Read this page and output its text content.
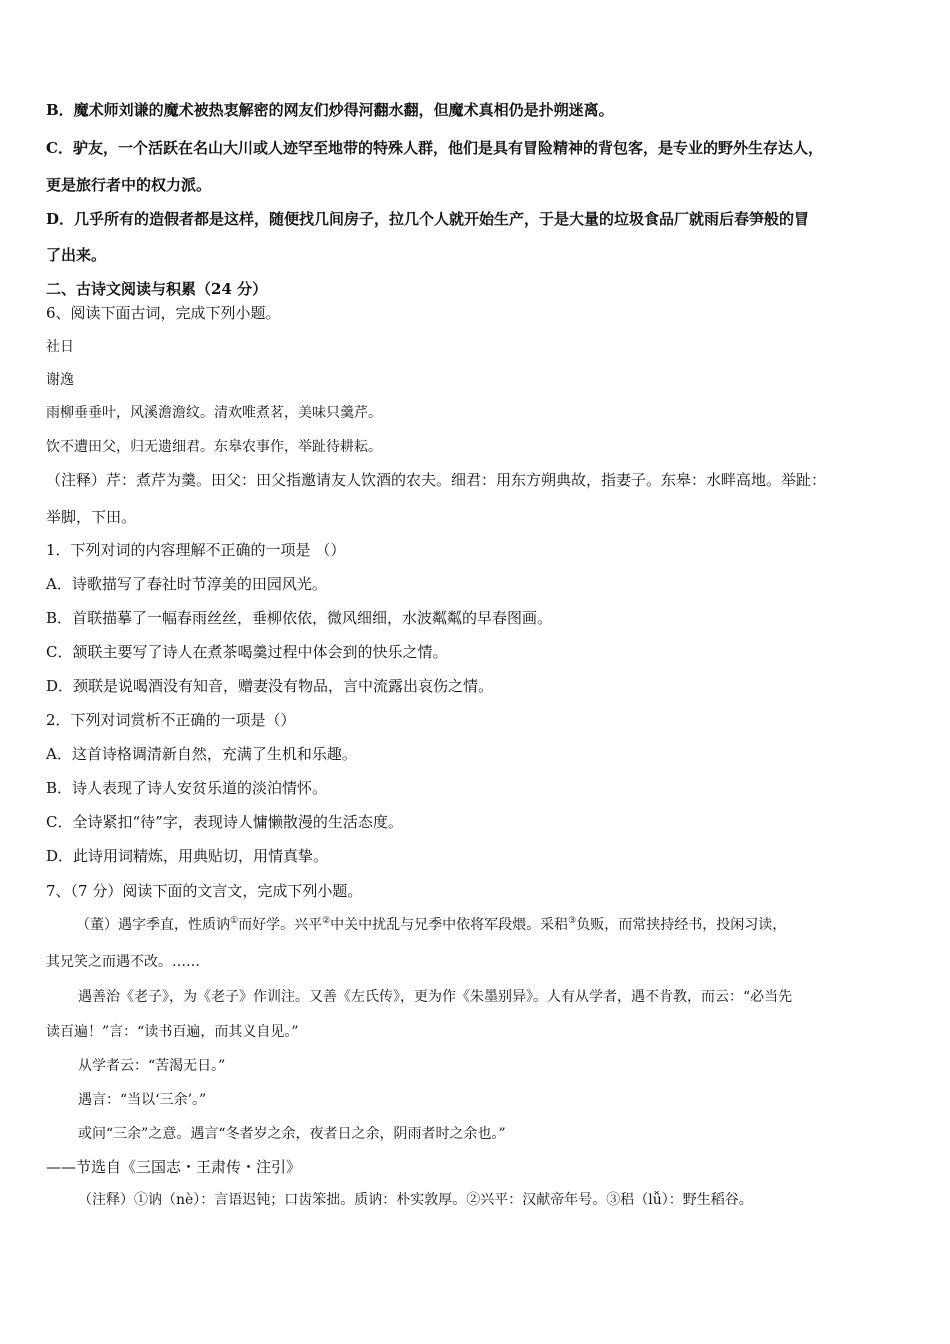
B．魔术师刘谦的魔术被热衷解密的网友们炒得河翻水翻，但魔术真相仍是扑朔迷离。
C．驴友，一个活跃在名山大川或人迹罕至地带的特殊人群，他们是具有冒险精神的背包客，是专业的野外生存达人，
更是旅行者中的权力派。
D．几乎所有的造假者都是这样，随便找几间房子，拉几个人就开始生产，于是大量的垃圾食品厂就雨后春笋般的冒
了出来。
二、古诗文阅读与积累（24 分）
6、阅读下面古词，完成下列小题。
社日
谢逸
雨柳垂垂叶，风溪澹澹纹。清欢唯煮茗，美味只羹芹。
饮不遭田父，归无遗细君。东皋农事作，举趾待耕耘。
（注释）芹：煮芹为羹。田父：田父指邀请友人饮酒的农夫。细君：用东方朔典故，指妻子。东皋：水畔高地。举趾：
举脚，下田。
1．下列对词的内容理解不正确的一项是 （）
A．诗歌描写了春社时节淳美的田园风光。
B．首联描摹了一幅春雨丝丝，垂柳依依，微风细细，水波粼粼的早春图画。
C．颔联主要写了诗人在煮茶喝羹过程中体会到的快乐之情。
D．颈联是说喝酒没有知音，赠妻没有物品，言中流露出哀伤之情。
2．下列对词赏析不正确的一项是（）
A．这首诗格调清新自然，充满了生机和乐趣。
B．诗人表现了诗人安贫乐道的淡泊情怀。
C．全诗紧扣“待”字，表现诗人慵懒散漫的生活态度。
D．此诗用词精炼，用典贴切，用情真挚。
7、（7 分）阅读下面的文言文，完成下列小题。
（董）遇字季直，性质讷①而好学。兴平②中关中扰乱与兄季中依将军段煨。采稆③负贩，而常挟持经书，投闲习读，
其兄笑之而遇不改。……
遇善治《老子》，为《老子》作训注。又善《左氏传》，更为作《朱墨别异》。人有从学者，遇不肯教，而云：“必当先
读百遍！”言：“读书百遍，而其义自见。”
从学者云：“苦渴无日。”
遇言：“当以‘三余’。”
或问“三余”之意。遇言“冬者岁之余，夜者日之余，阴雨者时之余也。”
——节选自《三国志・王肃传・注引》
（注释）①讷（nè）：言语迟钝；口齿笨拙。质讷：朴实敦厚。②兴平：汉献帝年号。③稆（lǚ）：野生稻谷。
